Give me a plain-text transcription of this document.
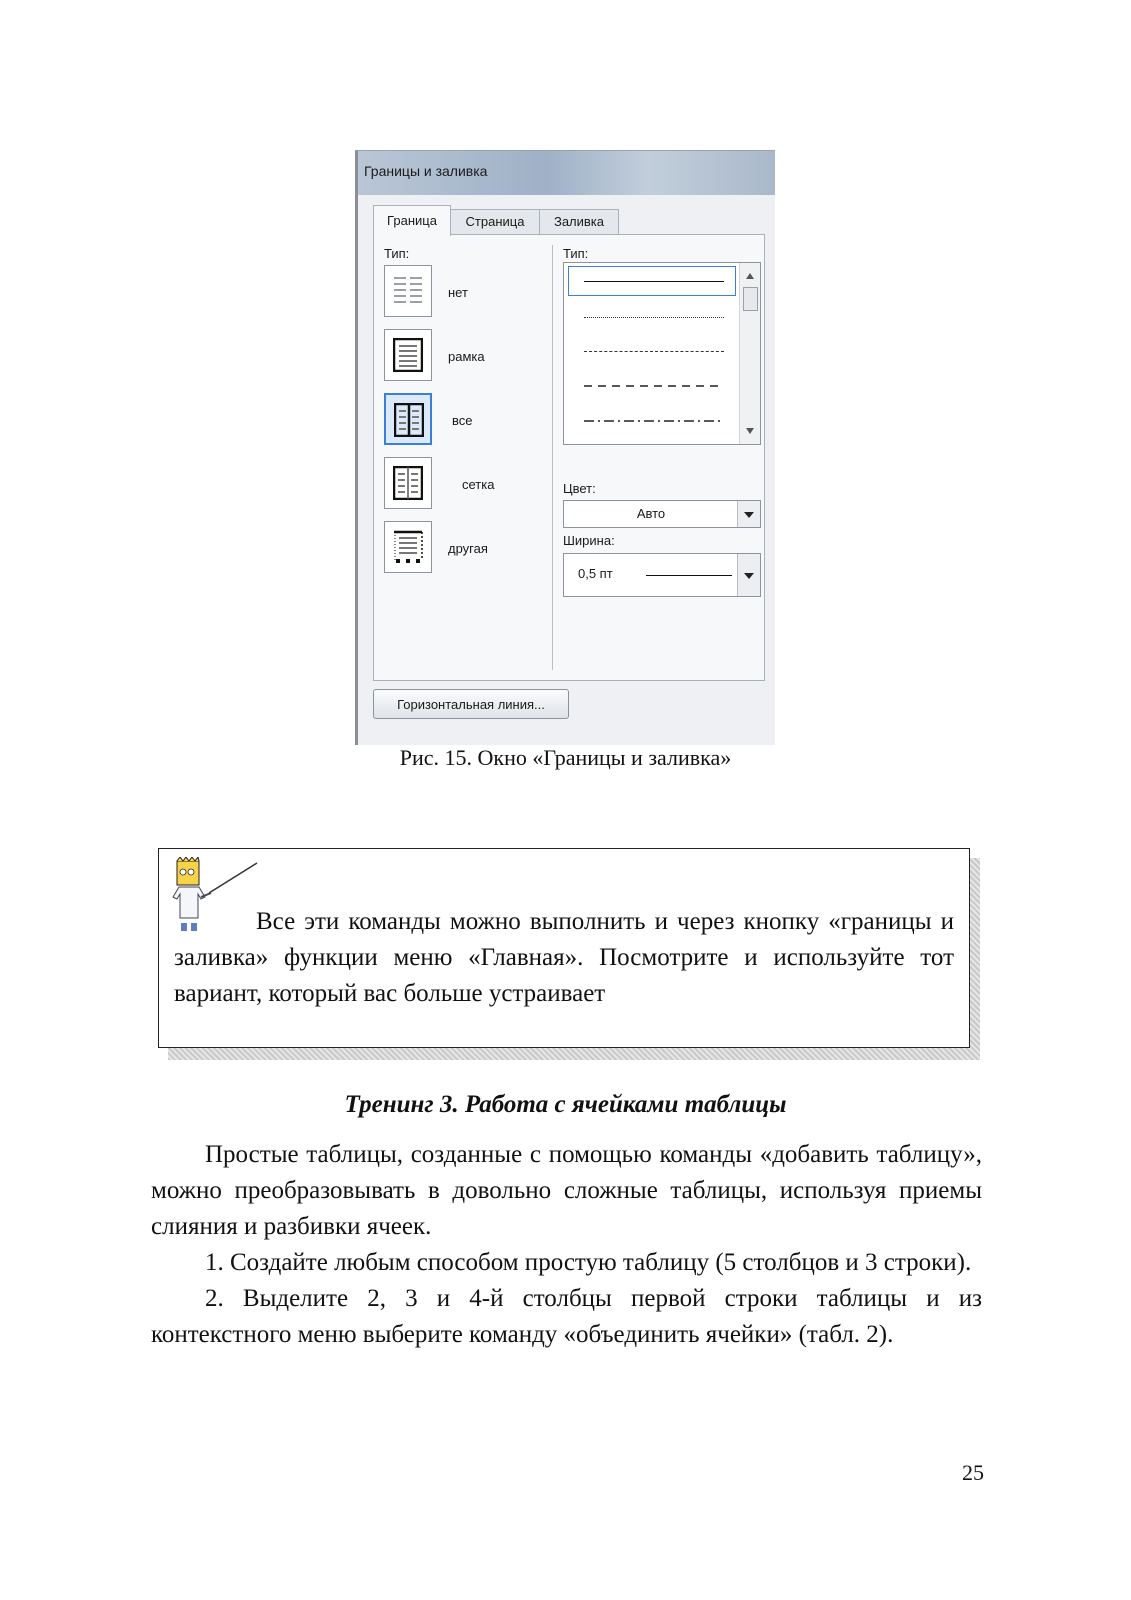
Границы и заливка
Граница	Страница	Заливка
Тип:
нет
рамка
все
сетка
другая
Тип:
Цвет:
Авто
Ширина:
0,5 пт
Горизонтальная линия...
Рис. 15. Окно «Границы и заливка»
Все эти команды можно выполнить и через кнопку «границы и заливка» функции меню «Главная». Посмотрите и используйте тот вариант, который вас больше устраивает
Тренинг 3. Работа с ячейками таблицы

Простые таблицы, созданные с помощью команды «добавить таблицу», можно преобразовывать в довольно сложные таблицы, используя приемы слияния и разбивки ячеек.

1. Создайте любым способом простую таблицу (5 столбцов и 3 строки).

2. Выделите 2, 3 и 4-й столбцы первой строки таблицы и из контекстного меню выберите команду «объединить ячейки» (табл. 2).

25
